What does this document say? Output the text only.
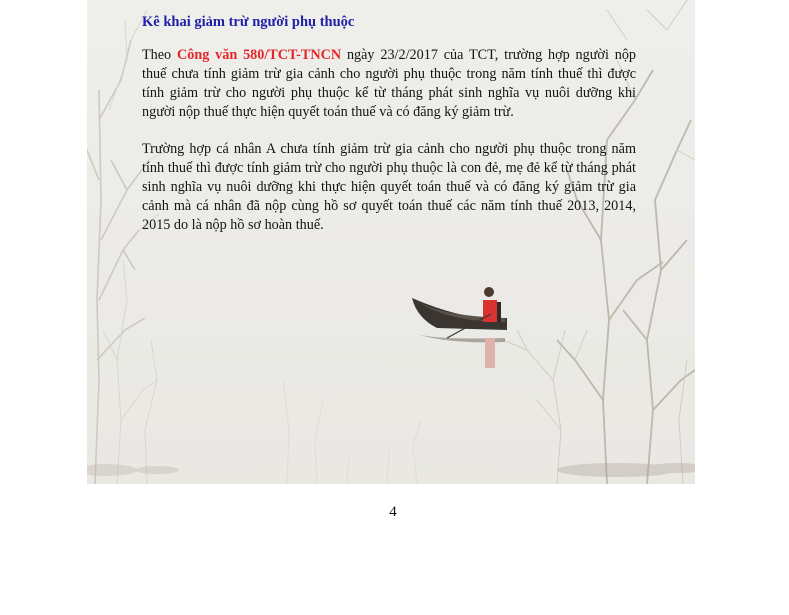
Kê khai giảm trừ người phụ thuộc

Theo Công văn 580/TCT-TNCN ngày 23/2/2017 của TCT, trường hợp người nộp thuế chưa tính giảm trừ gia cảnh cho người phụ thuộc trong năm tính thuế thì được tính giảm trừ cho người phụ thuộc kể từ tháng phát sinh nghĩa vụ nuôi dưỡng khi người nộp thuế thực hiện quyết toán thuế và có đăng ký giảm trừ.

Trường hợp cá nhân A chưa tính giảm trừ gia cảnh cho người phụ thuộc trong năm tính thuế thì được tính giảm trừ cho người phụ thuộc là con đẻ, mẹ đẻ kể từ tháng phát sinh nghĩa vụ nuôi dưỡng khi thực hiện quyết toán thuế và có đăng ký giảm trừ gia cảnh mà cá nhân đã nộp cùng hồ sơ quyết toán thuế các năm tính thuế 2013, 2014, 2015 do là nộp hồ sơ hoàn thuế.

4
